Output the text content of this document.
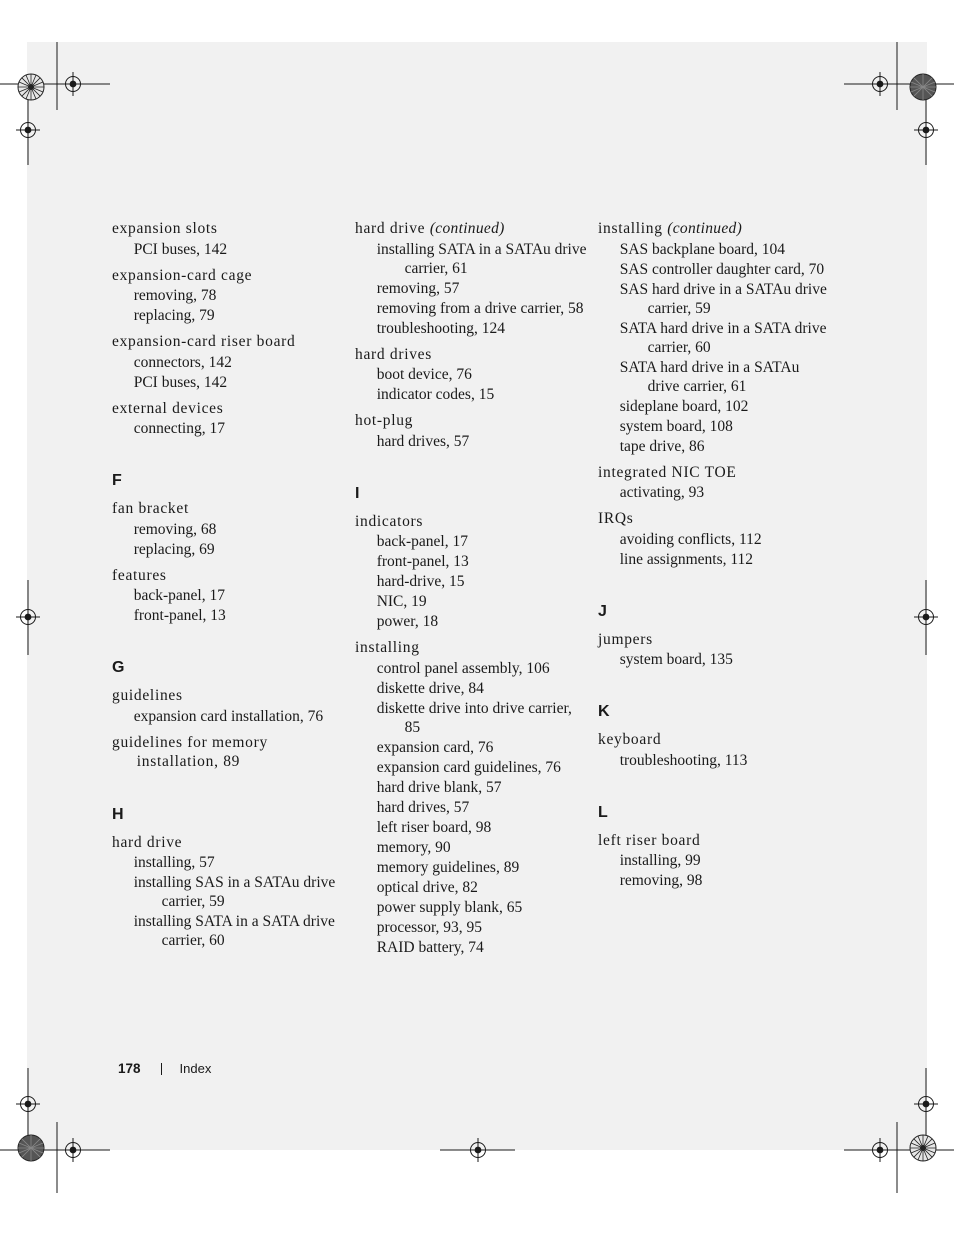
expansion slots
PCI buses, 142
expansion-card cage
removing, 78
replacing, 79
expansion-card riser board
connectors, 142
PCI buses, 142
external devices
connecting, 17
F
fan bracket
removing, 68
replacing, 69
features
back-panel, 17
front-panel, 13
G
guidelines
expansion card installation, 76
guidelines for memory installation, 89
H
hard drive
installing, 57
installing SAS in a SATAu drive carrier, 59
installing SATA in a SATA drive carrier, 60
hard drive (continued)
installing SATA in a SATAu drive carrier, 61
removing, 57
removing from a drive carrier, 58
troubleshooting, 124
hard drives
boot device, 76
indicator codes, 15
hot-plug
hard drives, 57
I
indicators
back-panel, 17
front-panel, 13
hard-drive, 15
NIC, 19
power, 18
installing
control panel assembly, 106
diskette drive, 84
diskette drive into drive carrier, 85
expansion card, 76
expansion card guidelines, 76
hard drive blank, 57
hard drives, 57
left riser board, 98
memory, 90
memory guidelines, 89
optical drive, 82
power supply blank, 65
processor, 93, 95
RAID battery, 74
installing (continued)
SAS backplane board, 104
SAS controller daughter card, 70
SAS hard drive in a SATAu drive carrier, 59
SATA hard drive in a SATA drive carrier, 60
SATA hard drive in a SATAu drive carrier, 61
sideplane board, 102
system board, 108
tape drive, 86
integrated NIC TOE
activating, 93
IRQs
avoiding conflicts, 112
line assignments, 112
J
jumpers
system board, 135
K
keyboard
troubleshooting, 113
L
left riser board
installing, 99
removing, 98
178	Index
